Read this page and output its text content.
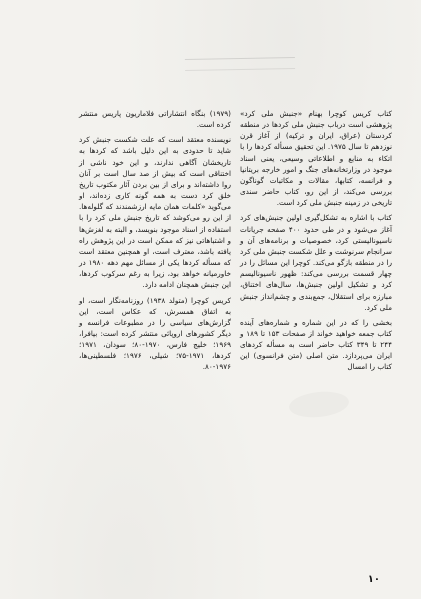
کتاب کریس کوچرا بهنام «جنبش ملی کرد» پژوهشی است درباب جنبش ملی کردها در منطقه کردستان (عراق، ایران و ترکیه) از آغاز قرن نوزدهم تا سال ۱۹۷۵. این تحقیق مسأله کردها را با اتکاء به منابع و اطلاعاتی وسیعی، یعنی اسناد موجود در وزارتخانه‌های جنگ و امور خارجه بریتانیا و فرانسه، کتابها، مقالات و مکاتبات گوناگون بررسی می‌کند، از این رو، کتاب حاضر سندی تاریخی در زمینه جنبش ملی کرد است.

کتاب با اشاره به تشکل‌گیری اولین جنبش‌های کرد آغاز می‌شود و در طی حدود ۴۰۰ صفحه جریانات ناسیونالیستی کرد، خصوصیات و برنامه‌های آن و سرانجام سرنوشت و علل شکست جنبش ملی کرد را در منطقه بازگو می‌کند. کوچرا این مسائل را در چهار قسمت بررسی می‌کند: ظهور ناسیونالیسم کرد و تشکیل اولین جنبش‌ها، سال‌های اختناق، مبارزه برای استقلال، جمع‌بندی و چشم‌انداز جنبش ملی کرد.

بخشی را که در این شماره و شماره‌های آینده کتاب جمعه خواهید خواند از صفحات ۱۵۳ تا ۱۸۹ و ۲۴۴ تا ۳۴۹ کتاب حاضر است به مسأله کردهای ایران می‌پردازد. متن اصلی (متن فرانسوی) این کتاب را امسال

(۱۹۷۹) بنگاه انتشاراتی فلاماریون پاریس منتشر کرده است.

نویسنده معتقد است که علت شکست جنبش کرد شاید تا حدودی به این دلیل باشد که کردها به تاریخشان آگاهی ندارند، و این خود ناشی از اختناقی است که بیش از صد سال است بر آنان روا داشته‌اند و برای از بین بردن آثار مکتوب تاریخ خلق کرد دست به همه گونه کاری زده‌اند، او می‌گوید «کلمات همان مایه ارزشمندند که گلوله‌ها. از این رو می‌کوشد که تاریخ جنبش ملی کرد را با استفاده از اسناد موجود بنویسد، و البته به لغزش‌ها و اشتباهاتی نیز که ممکن است در این پژوهش راه یافته باشد، معترف است، او همچنین معتقد است که مسأله کردها یکی از مسائل مهم دهه ۱۹۸۰ در خاورمیانه خواهد بود، زیرا به رغم سرکوب کردها، این جنبش همچنان ادامه دارد.

کریس کوچرا (متولد ۱۹۳۸) روزنامه‌نگار است، او به اتفاق همسرش، که عکاس است، این گزارش‌های سیاسی را در مطبوعات فرانسه و دیگر کشورهای اروپائی منتشر کرده است: بیافرا، ۱۹۶۹؛ خلیج فارس، ۱۹۷۰-۸۰؛ سودان، ۱۹۷۱؛ کردها، ۱۹۷۱-۷۵؛ شیلی، ۱۹۷۶؛ فلسطینی‌ها، ۱۹۷۶-۸۰.

۱۰
